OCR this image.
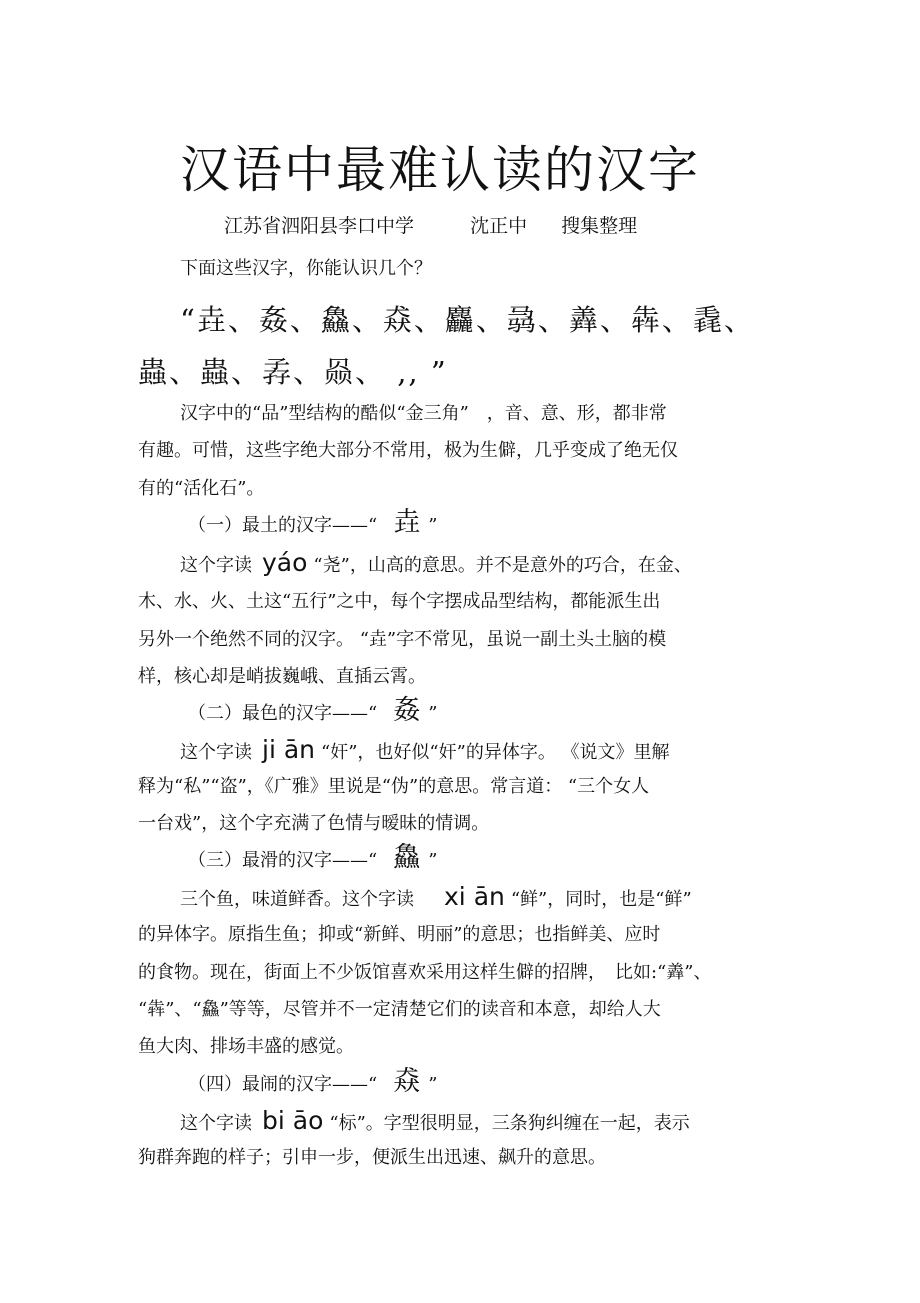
汉语中最难认读的汉字
江苏省泗阳县李口中学	沈正中 搜集整理
下面这些汉字，你能认识几个？
“垚、姦、鱻、猋、麤、骉、羴、犇、毳、
蟲、蟲、孨、赑、 ,, ”
汉字中的“品”型结构的酷似“金三角”　，音、意、形，都非常
有趣。可惜，这些字绝大部分不常用，极为生僻，几乎变成了绝无仅
有的“活化石”。
（一）最土的汉字——“ 垚 ”
这个字读 yáo “尧”，山高的意思。并不是意外的巧合，在金、
木、水、火、土这“五行”之中，每个字摆成品型结构，都能派生出
另外一个绝然不同的汉字。 “垚”字不常见，虽说一副土头土脑的模
样，核心却是峭拔巍峨、直插云霄。
（二）最色的汉字——“ 姦 ”
这个字读 ji ān “奸”，也好似“奸”的异体字。 《说文》里解
释为“私”“盗”，《广雅》里说是“伪”的意思。常言道： “三个女人
一台戏”，这个字充满了色情与暧昧的情调。
（三）最滑的汉字——“ 鱻 ”
三个鱼，味道鲜香。这个字读 xi ān “鲜”，同时，也是“鲜”
的异体字。原指生鱼；抑或“新鲜、明丽”的意思；也指鲜美、应时
的食物。现在，街面上不少饭馆喜欢采用这样生僻的招牌，　比如:“羴”、
“犇”、“鱻”等等，尽管并不一定清楚它们的读音和本意，却给人大
鱼大肉、排场丰盛的感觉。
（四）最闹的汉字——“ 猋 ”
这个字读 bi āo “标”。字型很明显，三条狗纠缠在一起，表示
狗群奔跑的样子；引申一步，便派生出迅速、飙升的意思。
